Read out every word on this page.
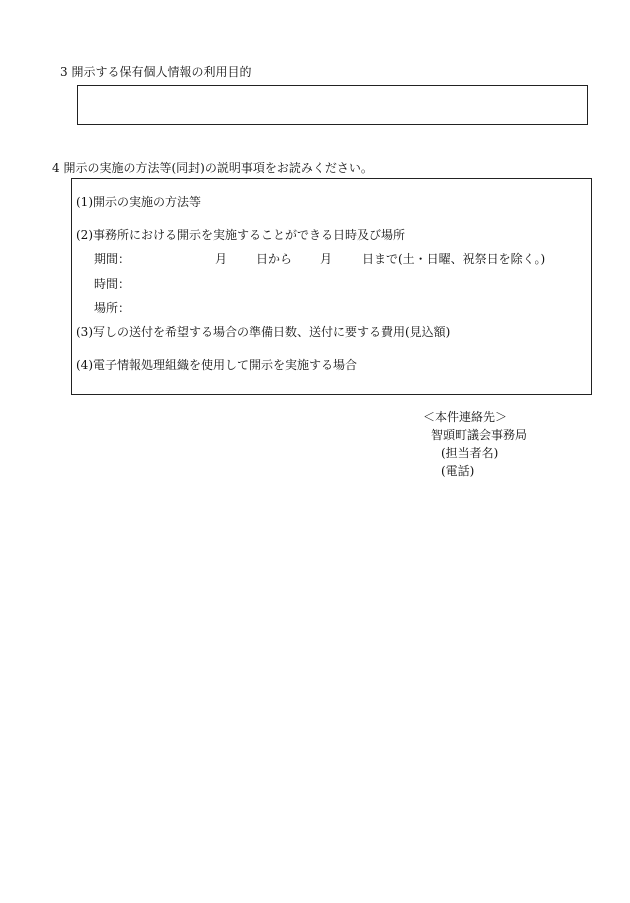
3 開示する保有個人情報の利用目的
4 開示の実施の方法等(同封)の説明事項をお読みください。
(1)開示の実施の方法等
(2)事務所における開示を実施することができる日時及び場所
期間：	月 日から 月 日まで(土・日曜、祝祭日を除く。)
時間：
場所：
(3)写しの送付を希望する場合の準備日数、送付に要する費用(見込額)
(4)電子情報処理組織を使用して開示を実施する場合
＜本件連絡先＞
智頭町議会事務局
(担当者名)
(電話)
